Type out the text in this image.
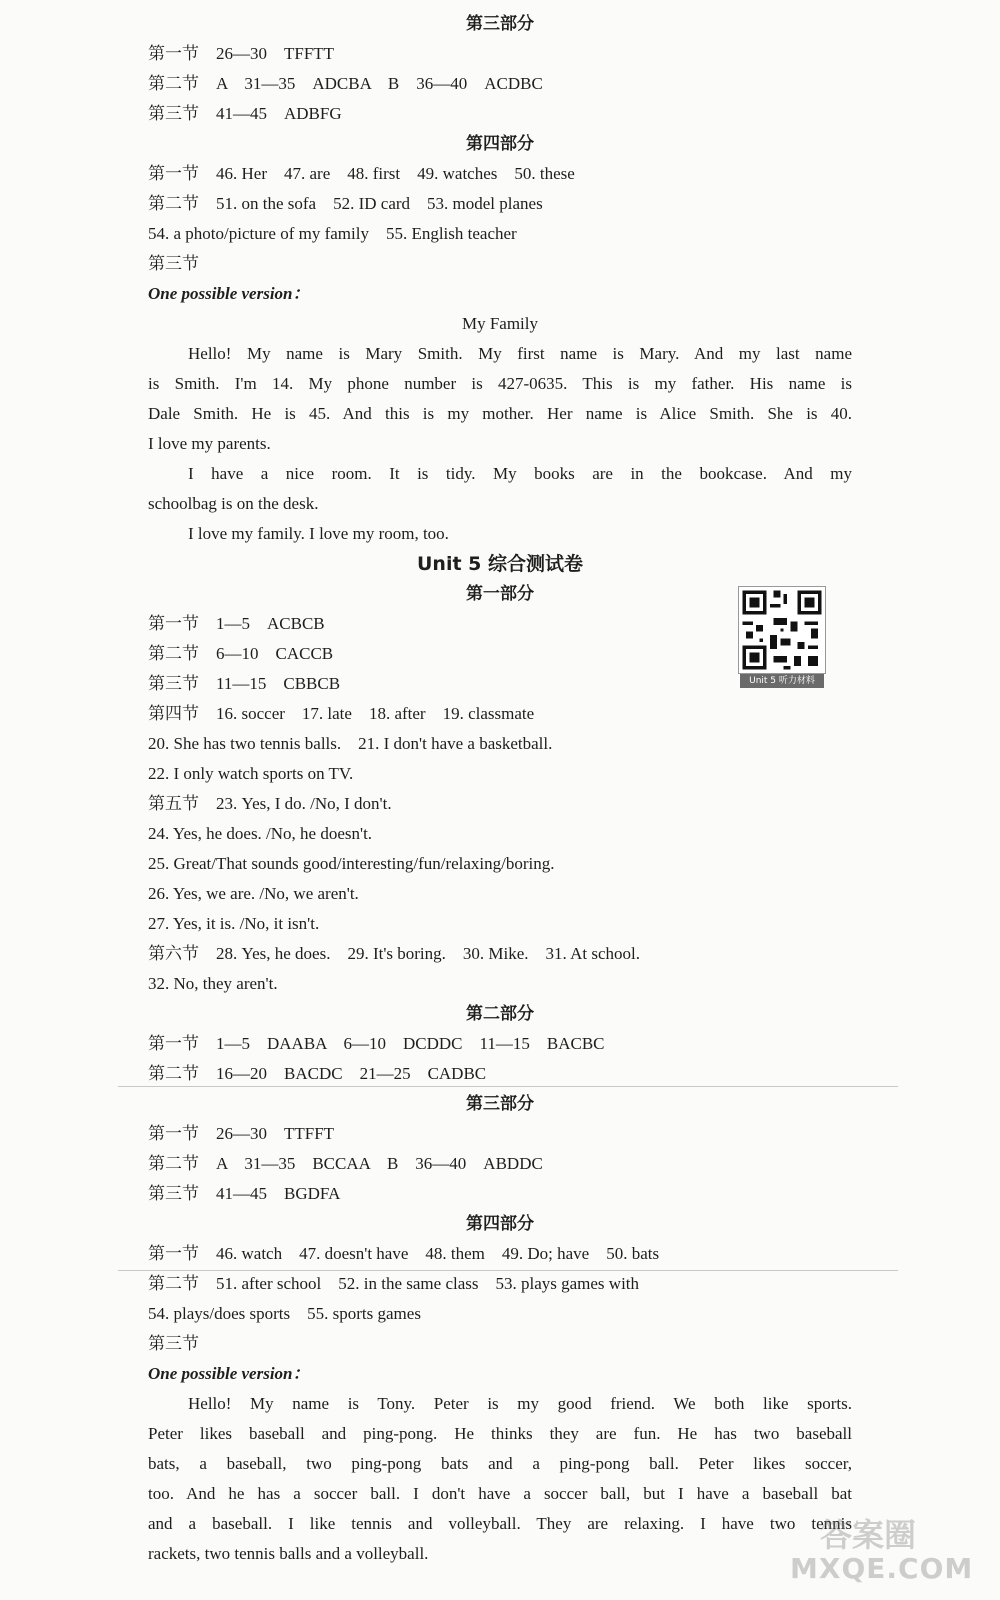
第三部分
第一节　26—30　TFFTT
第二节　A　31—35　ADCBA　B　36—40　ACDBC
第三节　41—45　ADBFG
第四部分
第一节　46. Her　47. are　48. first　49. watches　50. these
第二节　51. on the sofa　52. ID card　53. model planes
54. a photo/picture of my family　55. English teacher
第三节
One possible version：
My Family
Hello! My name is Mary Smith. My first name is Mary. And my last name
is Smith. I'm 14. My phone number is 427-0635. This is my father. His name is
Dale Smith. He is 45. And this is my mother. Her name is Alice Smith. She is 40.
I love my parents.
I have a nice room. It is tidy. My books are in the bookcase. And my
schoolbag is on the desk.
I love my family. I love my room, too.
Unit 5 综合测试卷
第一部分
第一节　1—5　ACBCB
第二节　6—10　CACCB
第三节　11—15　CBBCB
第四节　16. soccer　17. late　18. after　19. classmate
20. She has two tennis balls.　21. I don't have a basketball.
22. I only watch sports on TV.
第五节　23. Yes, I do. /No, I don't.
24. Yes, he does. /No, he doesn't.
25. Great/That sounds good/interesting/fun/relaxing/boring.
26. Yes, we are. /No, we aren't.
27. Yes, it is. /No, it isn't.
第六节　28. Yes, he does.　29. It's boring.　30. Mike.　31. At school.
32. No, they aren't.
第二部分
第一节　1—5　DAABA　6—10　DCDDC　11—15　BACBC
第二节　16—20　BACDC　21—25　CADBC
第三部分
第一节　26—30　TTFFT
第二节　A　31—35　BCCAA　B　36—40　ABDDC
第三节　41—45　BGDFA
第四部分
第一节　46. watch　47. doesn't have　48. them　49. Do; have　50. bats
第二节　51. after school　52. in the same class　53. plays games with
54. plays/does sports　55. sports games
第三节
One possible version：
Hello! My name is Tony. Peter is my good friend. We both like sports.
Peter likes baseball and ping-pong. He thinks they are fun. He has two baseball
bats, a baseball, two ping-pong bats and a ping-pong ball. Peter likes soccer,
too. And he has a soccer ball. I don't have a soccer ball, but I have a baseball bat
and a baseball. I like tennis and volleyball. They are relaxing. I have two tennis
rackets, two tennis balls and a volleyball.
Unit 5 听力材料
答案圈
MXQE.COM
